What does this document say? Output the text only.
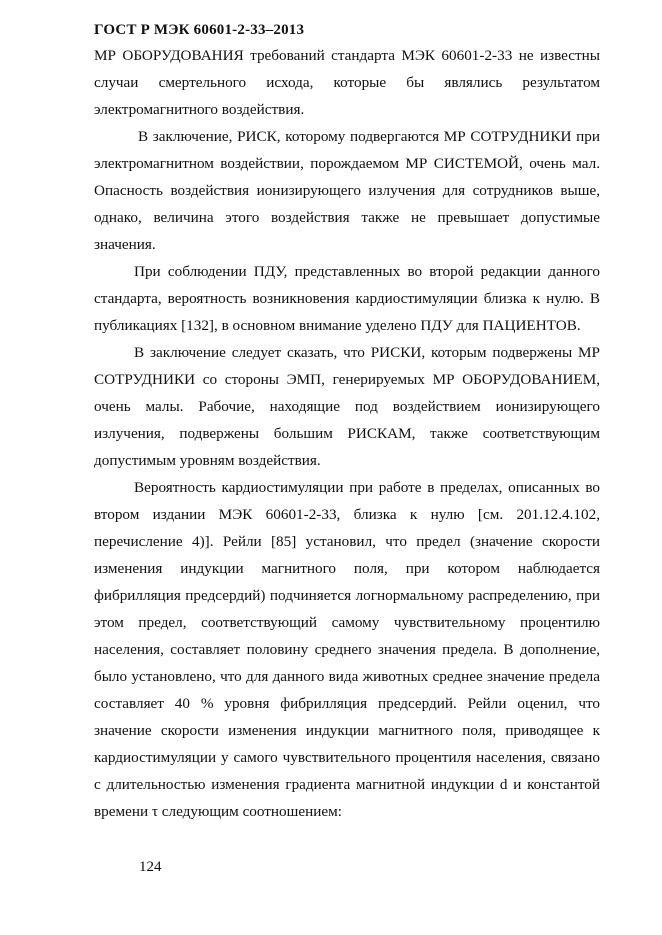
ГОСТ Р МЭК 60601-2-33–2013

МР ОБОРУДОВАНИЯ требований стандарта МЭК 60601-2-33 не известны случаи смертельного исхода, которые бы являлись результатом электромагнитного воздействия.

В заключение, РИСК, которому подвергаются МР СОТРУДНИКИ при электромагнитном воздействии, порождаемом МР СИСТЕМОЙ, очень мал. Опасность воздействия ионизирующего излучения для сотрудников выше, однако, величина этого воздействия также не превышает допустимые значения.

При соблюдении ПДУ, представленных во второй редакции данного стандарта, вероятность возникновения кардиостимуляции близка к нулю. В публикациях [132], в основном внимание уделено ПДУ для ПАЦИЕНТОВ.

В заключение следует сказать, что РИСКИ, которым подвержены МР СОТРУДНИКИ со стороны ЭМП, генерируемых МР ОБОРУДОВАНИЕМ, очень малы. Рабочие, находящие под воздействием ионизирующего излучения, подвержены большим РИСКАМ, также соответствующим допустимым уровням воздействия.

Вероятность кардиостимуляции при работе в пределах, описанных во втором издании МЭК 60601-2-33, близка к нулю [см. 201.12.4.102, перечисление 4)]. Рейли [85] установил, что предел (значение скорости изменения индукции магнитного поля, при котором наблюдается фибрилляция предсердий) подчиняется логнормальному распределению, при этом предел, соответствующий самому чувствительному процентилю населения, составляет половину среднего значения предела. В дополнение, было установлено, что для данного вида животных среднее значение предела составляет 40 % уровня фибрилляция предсердий. Рейли оценил, что значение скорости изменения индукции магнитного поля, приводящее к кардиостимуляции у самого чувствительного процентиля населения, связано с длительностью изменения градиента магнитной индукции d и константой времени τ следующим соотношением:

124
